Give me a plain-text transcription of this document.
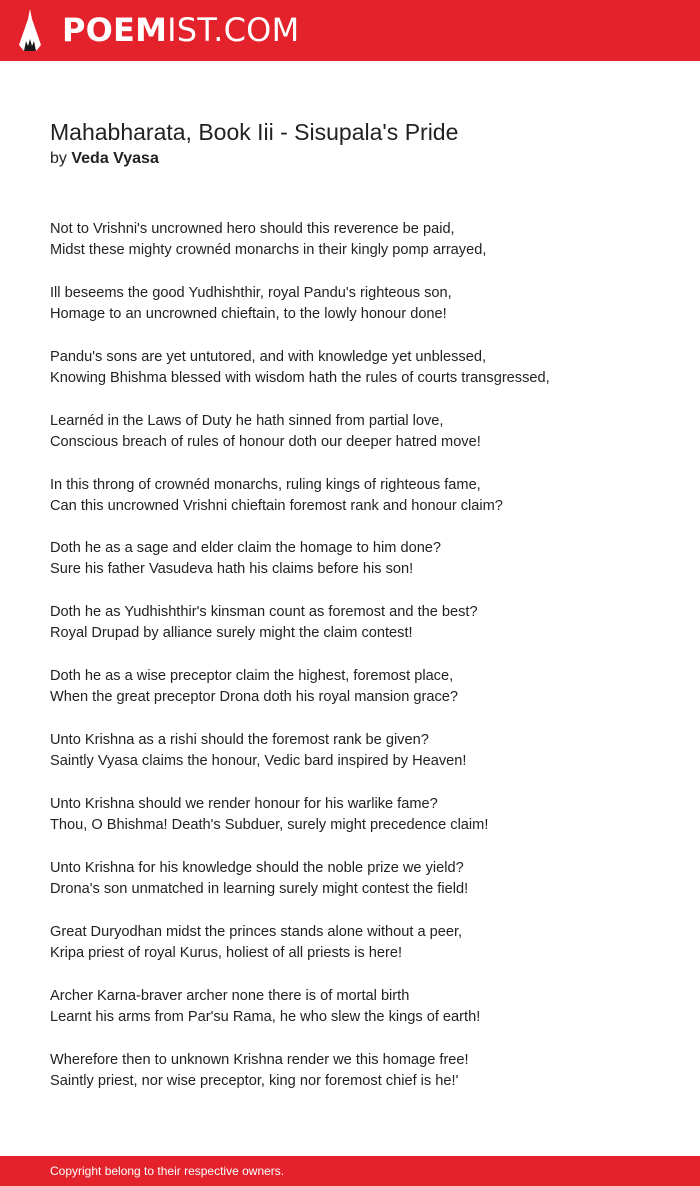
POEMIST.COM
Mahabharata, Book Iii - Sisupala's Pride
by Veda Vyasa

Not to Vrishni's uncrowned hero should this reverence be paid,
Midst these mighty crownéd monarchs in their kingly pomp arrayed,

Ill beseems the good Yudhishthir, royal Pandu's righteous son,
Homage to an uncrowned chieftain, to the lowly honour done!

Pandu's sons are yet untutored, and with knowledge yet unblessed,
Knowing Bhishma blessed with wisdom hath the rules of courts transgressed,

Learnéd in the Laws of Duty he hath sinned from partial love,
Conscious breach of rules of honour doth our deeper hatred move!

In this throng of crownéd monarchs, ruling kings of righteous fame,
Can this uncrowned Vrishni chieftain foremost rank and honour claim?

Doth he as a sage and elder claim the homage to him done?
Sure his father Vasudeva hath his claims before his son!

Doth he as Yudhishthir's kinsman count as foremost and the best?
Royal Drupad by alliance surely might the claim contest!

Doth he as a wise preceptor claim the highest, foremost place,
When the great preceptor Drona doth his royal mansion grace?

Unto Krishna as a rishi should the foremost rank be given?
Saintly Vyasa claims the honour, Vedic bard inspired by Heaven!

Unto Krishna should we render honour for his warlike fame?
Thou, O Bhishma! Death's Subduer, surely might precedence claim!

Unto Krishna for his knowledge should the noble prize we yield?
Drona's son unmatched in learning surely might contest the field!

Great Duryodhan midst the princes stands alone without a peer,
Kripa priest of royal Kurus, holiest of all priests is here!

Archer Karna-braver archer none there is of mortal birth
Learnt his arms from Par'su Rama, he who slew the kings of earth!

Wherefore then to unknown Krishna render we this homage free!
Saintly priest, nor wise preceptor, king nor foremost chief is he!'

Copyright belong to their respective owners.
